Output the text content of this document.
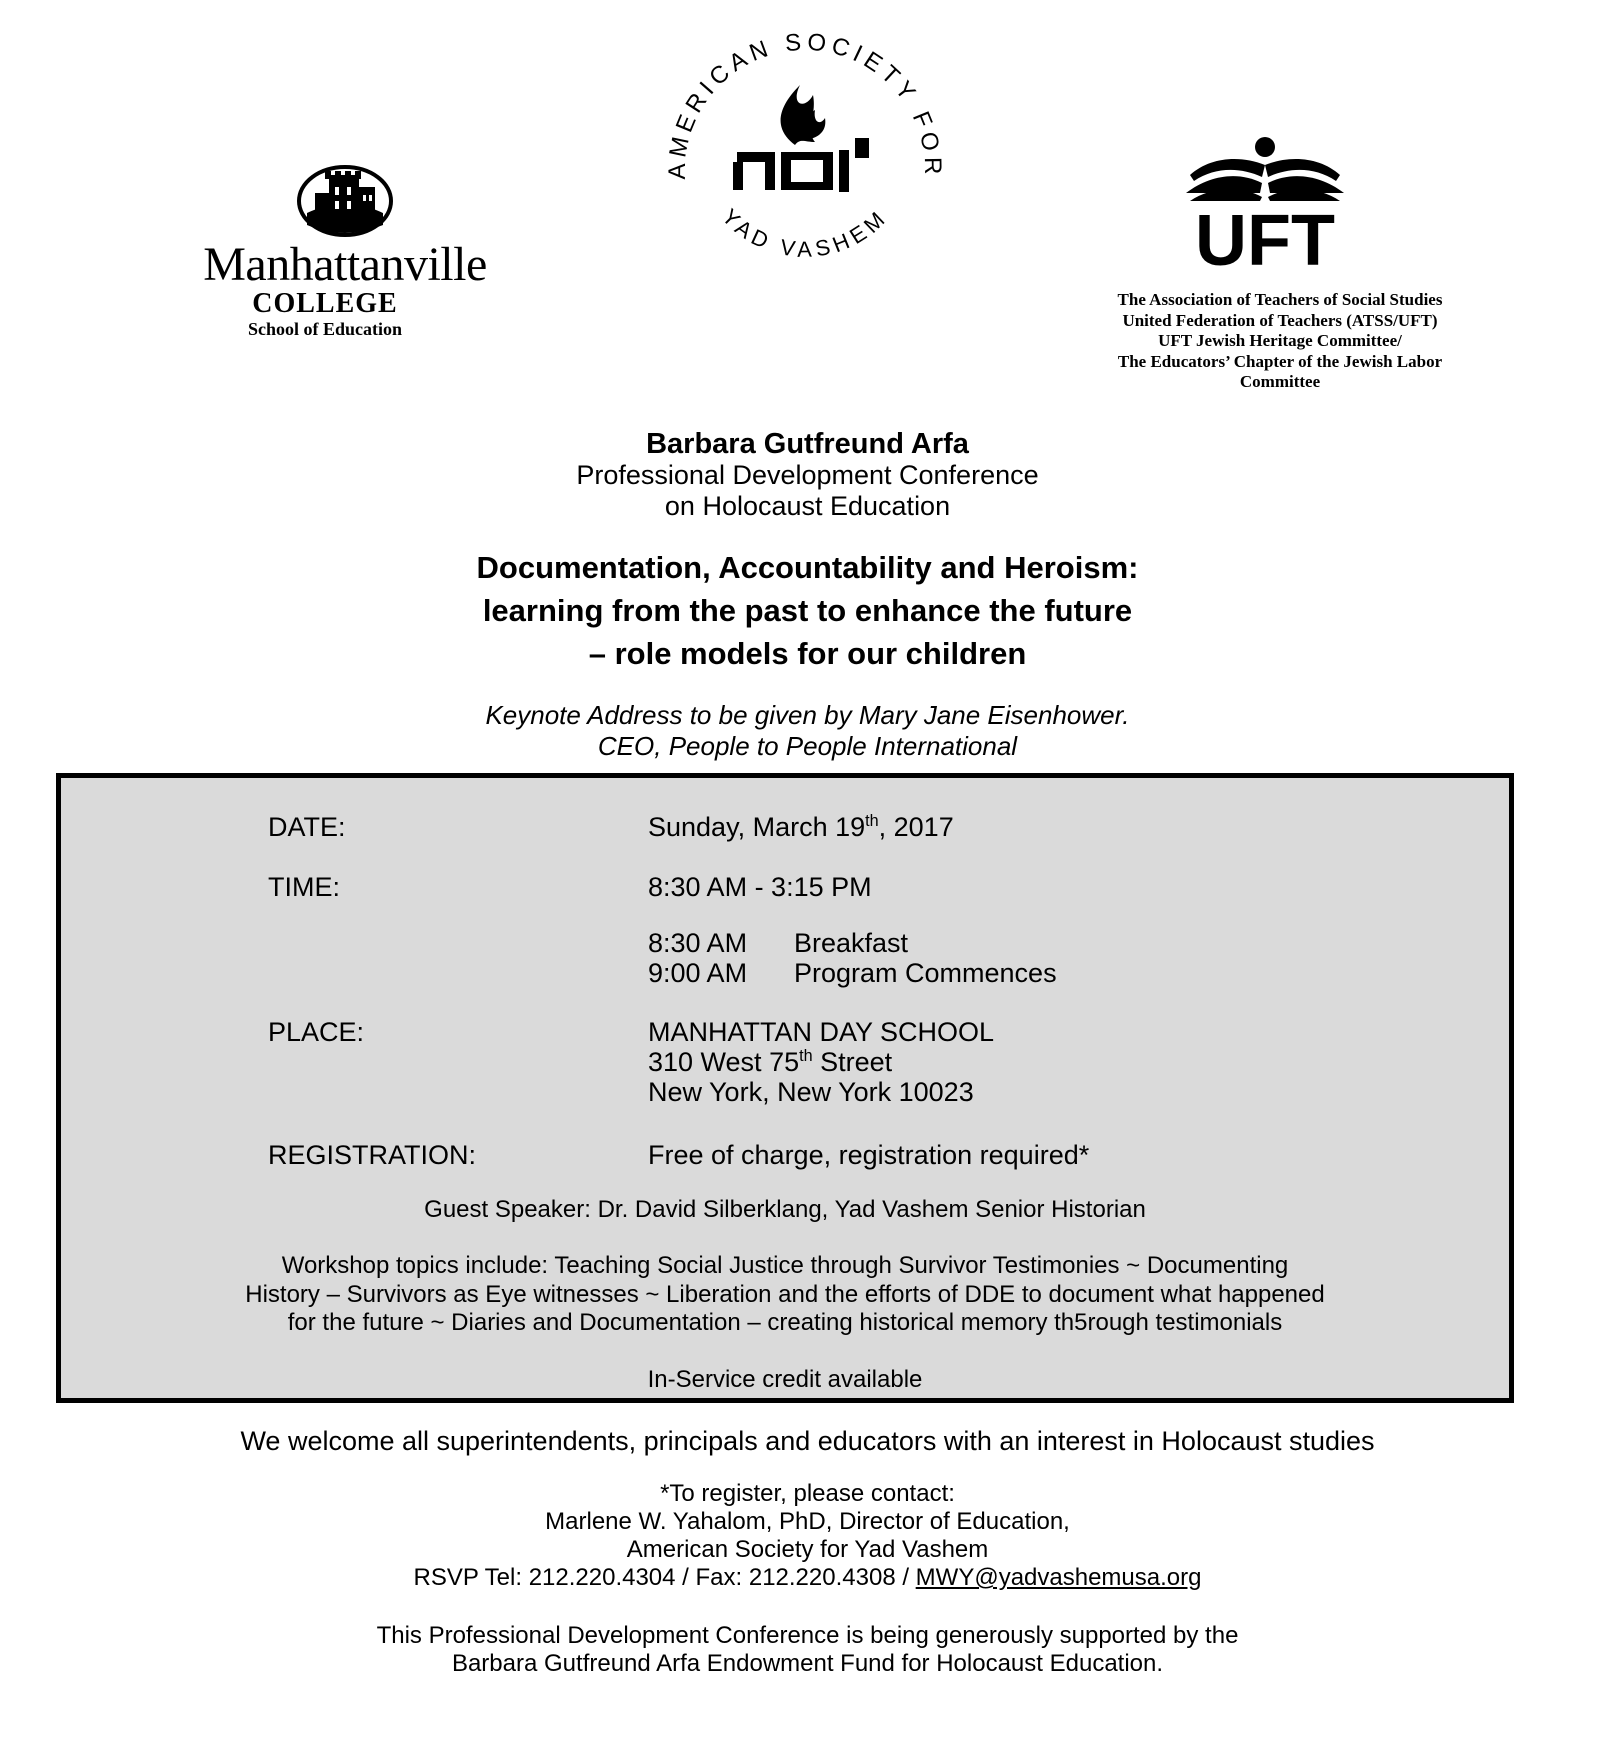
Manhattanville
COLLEGE
School of Education
AMERICAN SOCIETY FOR
YAD VASHEM	UFT
The Association of Teachers of Social Studies
United Federation of Teachers (ATSS/UFT)
UFT Jewish Heritage Committee/
The Educators’ Chapter of the Jewish Labor
Committee
Barbara Gutfreund Arfa
Professional Development Conference
on Holocaust Education
Documentation, Accountability and Heroism:
learning from the past to enhance the future
– role models for our children
Keynote Address to be given by Mary Jane Eisenhower.
CEO, People to People International
DATE:	Sunday, March 19th, 2017
TIME:	8:30 AM - 3:15 PM
8:30 AM Breakfast
9:00 AM Program Commences
PLACE:	MANHATTAN DAY SCHOOL
310 West 75th Street
New York, New York 10023
REGISTRATION:	Free of charge, registration required*
Guest Speaker: Dr. David Silberklang, Yad Vashem Senior Historian
Workshop topics include: Teaching Social Justice through Survivor Testimonies ~ Documenting
History – Survivors as Eye witnesses ~ Liberation and the efforts of DDE to document what happened
for the future ~ Diaries and Documentation – creating historical memory th5rough testimonials
In-Service credit available
We welcome all superintendents, principals and educators with an interest in Holocaust studies
*To register, please contact:
Marlene W. Yahalom, PhD, Director of Education,
American Society for Yad Vashem
RSVP Tel: 212.220.4304 / Fax: 212.220.4308 / MWY@yadvashemusa.org
This Professional Development Conference is being generously supported by the
Barbara Gutfreund Arfa Endowment Fund for Holocaust Education.
